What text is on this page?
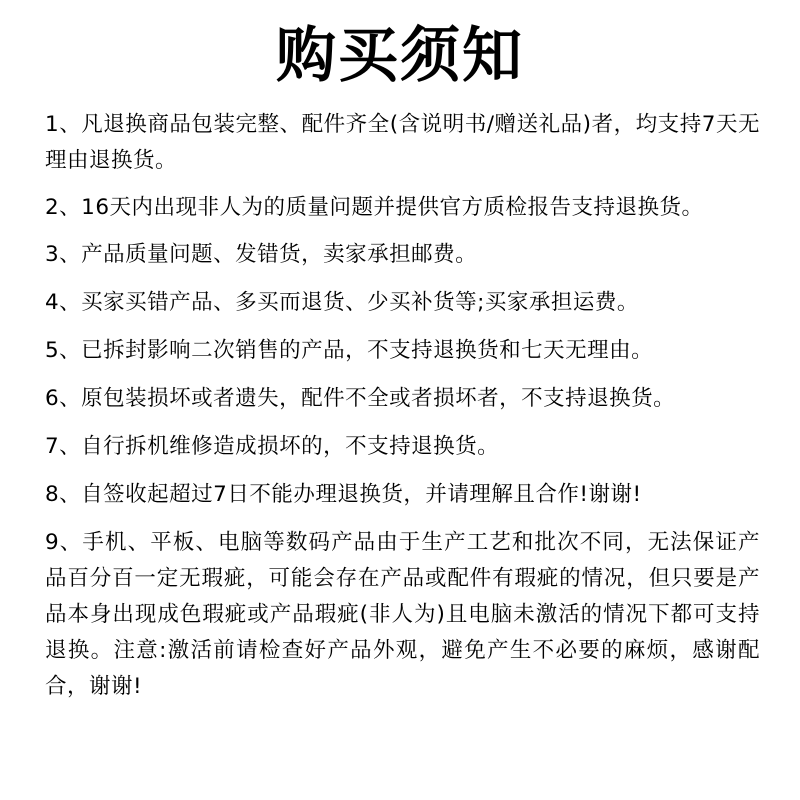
购买须知
1、凡退换商品包装完整、配件齐全(含说明书/赠送礼品)者，均支持7天无理由退换货。
2、16天内出现非人为的质量问题并提供官方质检报告支持退换货。
3、产品质量问题、发错货，卖家承担邮费。
4、买家买错产品、多买而退货、少买补货等;买家承担运费。
5、已拆封影响二次销售的产品，不支持退换货和七天无理由。
6、原包装损坏或者遗失，配件不全或者损坏者，不支持退换货。
7、自行拆机维修造成损坏的，不支持退换货。
8、自签收起超过7日不能办理退换货，并请理解且合作!谢谢!
9、手机、平板、电脑等数码产品由于生产工艺和批次不同，无法保证产品百分百一定无瑕疵，可能会存在产品或配件有瑕疵的情况，但只要是产品本身出现成色瑕疵或产品瑕疵(非人为)且电脑未激活的情况下都可支持退换。注意:激活前请检查好产品外观，避免产生不必要的麻烦，感谢配合，谢谢!
